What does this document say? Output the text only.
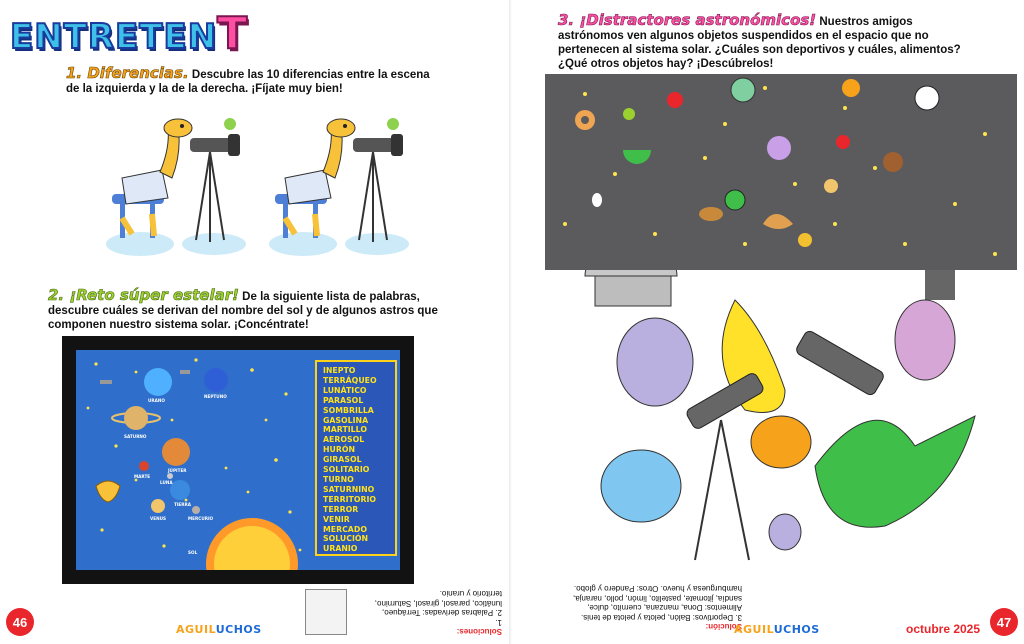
ENTRETENT
1. Diferencias. Descubre las 10 diferencias entre la escena de la izquierda y la de la derecha. ¡Fíjate muy bien!
2. ¡Reto súper estelar! De la siguiente lista de palabras, descubre cuáles se derivan del nombre del sol y de algunos astros que componen nuestro sistema solar. ¡Concéntrate!
URANO
NEPTUNO
SATURNO
JÚPITER
MARTE
LUNA
TIERRA
VENUS	MERCURIO
SOL
INEPTO
TERRÁQUEO
LUNÁTICO
PARASOL
SOMBRILLA
GASOLINA
MARTILLO
AEROSOL
HURÓN
GIRASOL
SOLITARIO
TURNO
SATURNINO
TERRITORIO
TERROR
VENIR
MERCADO
SOLUCIÓN
URANIO
46	AGUILUCHOS	Soluciones:
1.
2. Palabras derivadas: Terráqueo,
lunático, parasol, girasol, Saturnino,
territorio y uranio.
3. ¡Distractores astronómicos! Nuestros amigos astrónomos ven algunos objetos suspendidos en el espacio que no pertenecen al sistema solar. ¿Cuáles son deportivos y cuáles, alimentos? ¿Qué otros objetos hay? ¡Descúbrelos!
Solución:
3. Deportivos: Balón, pelota y pelota de tenis.
Alimentos: Dona, manzana, cuernito, dulce,
sandía, jitomate, pastelito, limón, pollo, naranja,
hamburguesa y huevo. Otros: Pandero y globo.
AGUILUCHOS	octubre 2025	47
